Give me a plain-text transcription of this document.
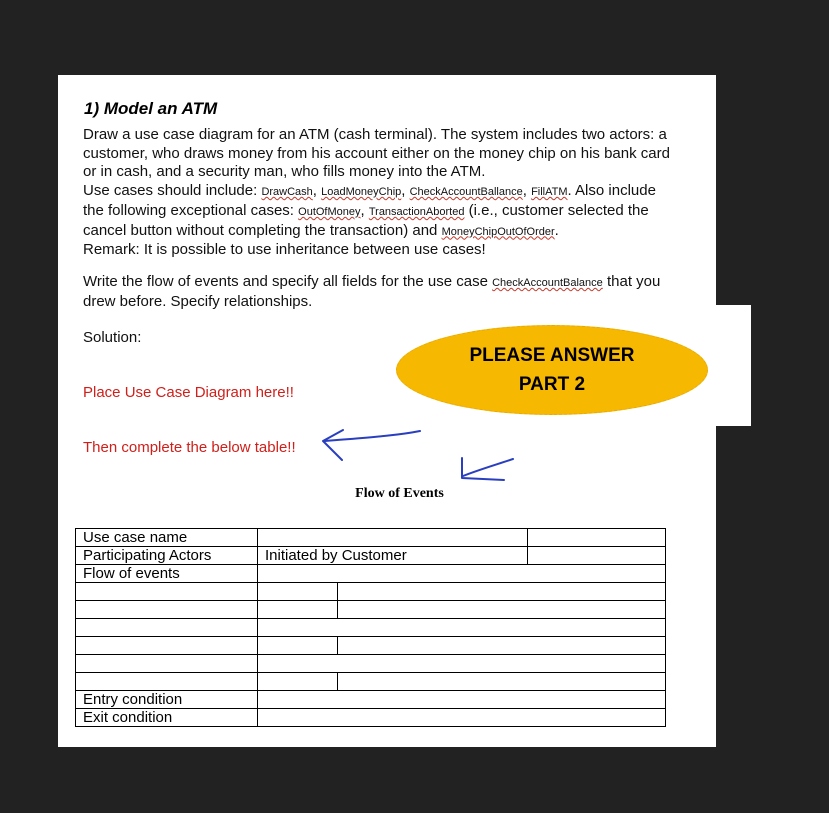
1) Model an ATM
Draw a use case diagram for an ATM (cash terminal). The system includes two actors: a
customer, who draws money from his account either on the money chip on his bank card
or in cash, and a security man, who fills money into the ATM.
Use cases should include: DrawCash, LoadMoneyChip, CheckAccountBallance, FillATM. Also include
the following exceptional cases: OutOfMoney, TransactionAborted (i.e., customer selected the
cancel button without completing the transaction) and MoneyChipOutOfOrder.
Remark: It is possible to use inheritance between use cases!
Write the flow of events and specify all fields for the use case CheckAccountBalance that you
drew before. Specify relationships.
Solution:
Place Use Case Diagram here!!
Then complete the below table!!
PLEASE ANSWER
PART 2
Flow of Events
Use case name			
Participating Actors	Initiated by Customer		
Flow of events			

Entry condition			
Exit condition			
